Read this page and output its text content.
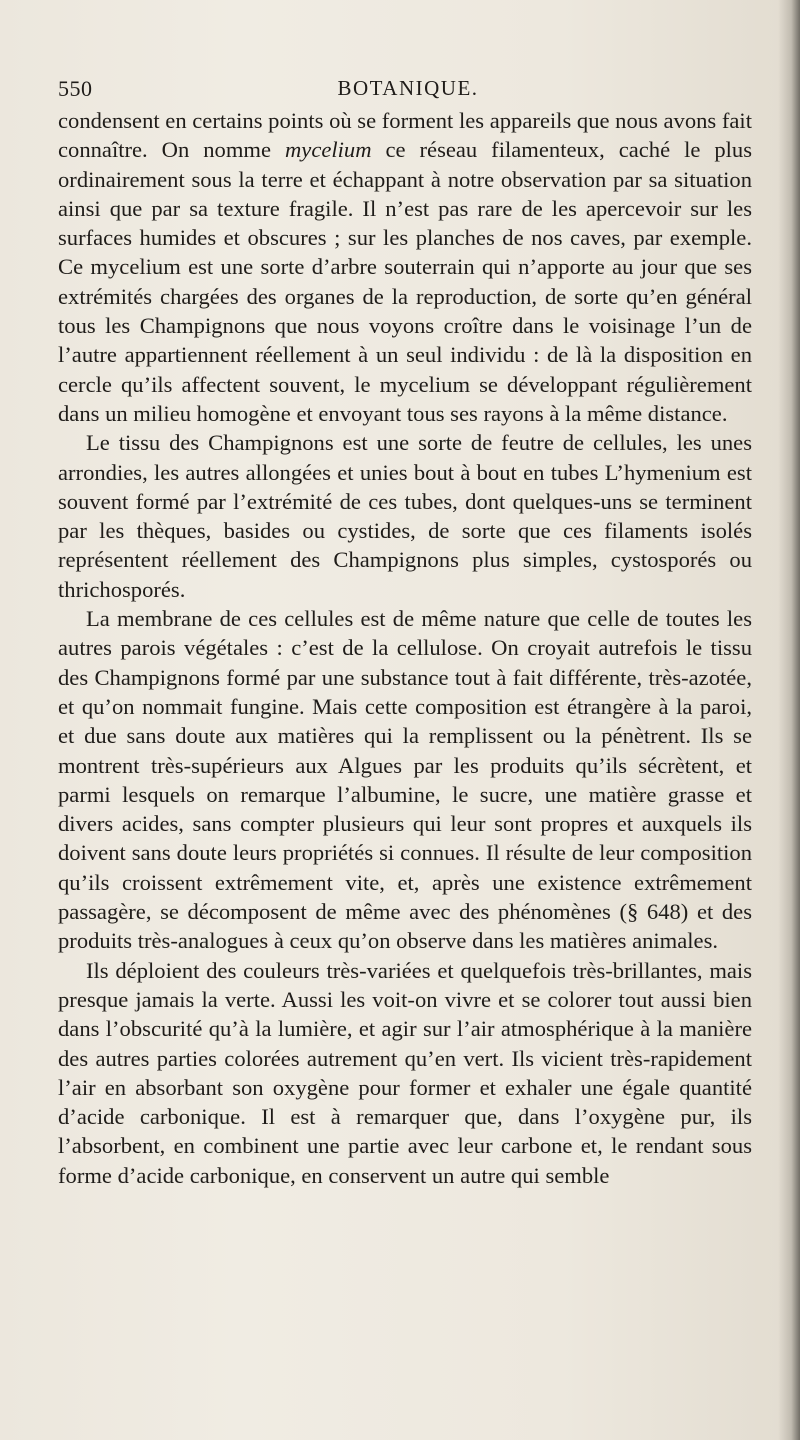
BOTANIQUE.
550

condensent en certains points où se forment les appareils que nous avons fait connaître. On nomme mycelium ce réseau filamenteux, caché le plus ordinairement sous la terre et échappant à notre observation par sa situation ainsi que par sa texture fragile. Il n’est pas rare de les apercevoir sur les surfaces humides et obscures ; sur les planches de nos caves, par exemple. Ce mycelium est une sorte d’arbre souterrain qui n’apporte au jour que ses extrémités chargées des organes de la reproduction, de sorte qu’en général tous les Champignons que nous voyons croître dans le voisinage l’un de l’autre appartiennent réellement à un seul individu : de là la disposition en cercle qu’ils affectent souvent, le mycelium se développant régulièrement dans un milieu homogène et envoyant tous ses rayons à la même distance.

Le tissu des Champignons est une sorte de feutre de cellules, les unes arrondies, les autres allongées et unies bout à bout en tubes L’hymenium est souvent formé par l’extrémité de ces tubes, dont quelques-uns se terminent par les thèques, basides ou cystides, de sorte que ces filaments isolés représentent réellement des Champignons plus simples, cystosporés ou thrichosporés.

La membrane de ces cellules est de même nature que celle de toutes les autres parois végétales : c’est de la cellulose. On croyait autrefois le tissu des Champignons formé par une substance tout à fait différente, très-azotée, et qu’on nommait fungine. Mais cette composition est étrangère à la paroi, et due sans doute aux matières qui la remplissent ou la pénètrent. Ils se montrent très-supérieurs aux Algues par les produits qu’ils sécrètent, et parmi lesquels on remarque l’albumine, le sucre, une matière grasse et divers acides, sans compter plusieurs qui leur sont propres et auxquels ils doivent sans doute leurs propriétés si connues. Il résulte de leur composition qu’ils croissent extrêmement vite, et, après une existence extrêmement passagère, se décomposent de même avec des phénomènes (§ 648) et des produits très-analogues à ceux qu’on observe dans les matières animales.

Ils déploient des couleurs très-variées et quelquefois très-brillantes, mais presque jamais la verte. Aussi les voit-on vivre et se colorer tout aussi bien dans l’obscurité qu’à la lumière, et agir sur l’air atmosphérique à la manière des autres parties colorées autrement qu’en vert. Ils vicient très-rapidement l’air en absorbant son oxygène pour former et exhaler une égale quantité d’acide carbonique. Il est à remarquer que, dans l’oxygène pur, ils l’absorbent, en combinent une partie avec leur carbone et, le rendant sous forme d’acide carbonique, en conservent un autre qui semble
